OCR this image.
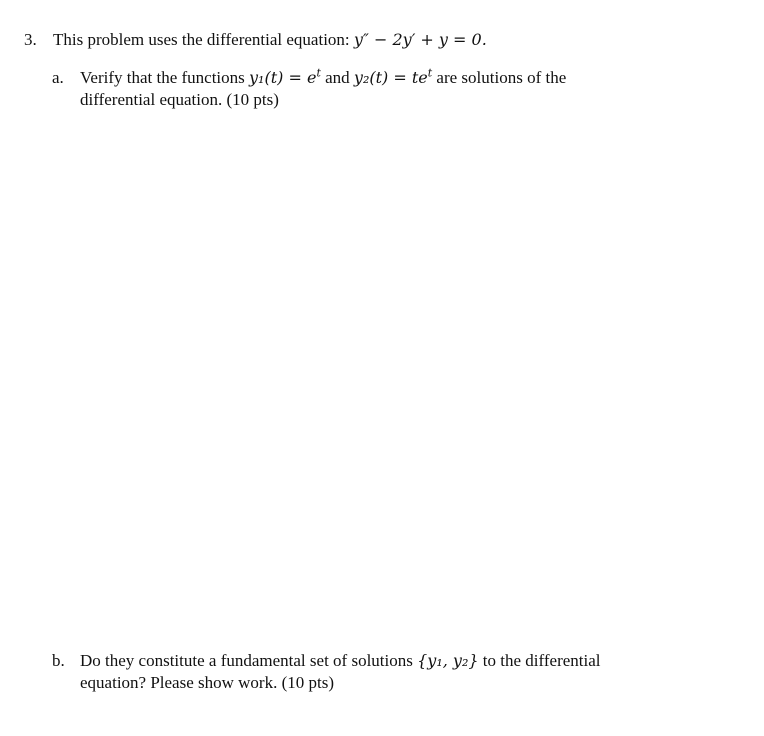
3. This problem uses the differential equation: y″ − 2y′ + y = 0.
a. Verify that the functions $y_1(t) = e^t$ and $y_2(t) = te^t$ are solutions of the
differential equation. (10 pts)
b. Do they constitute a fundamental set of solutions {y₁, y₂} to the differential
equation? Please show work. (10 pts)
